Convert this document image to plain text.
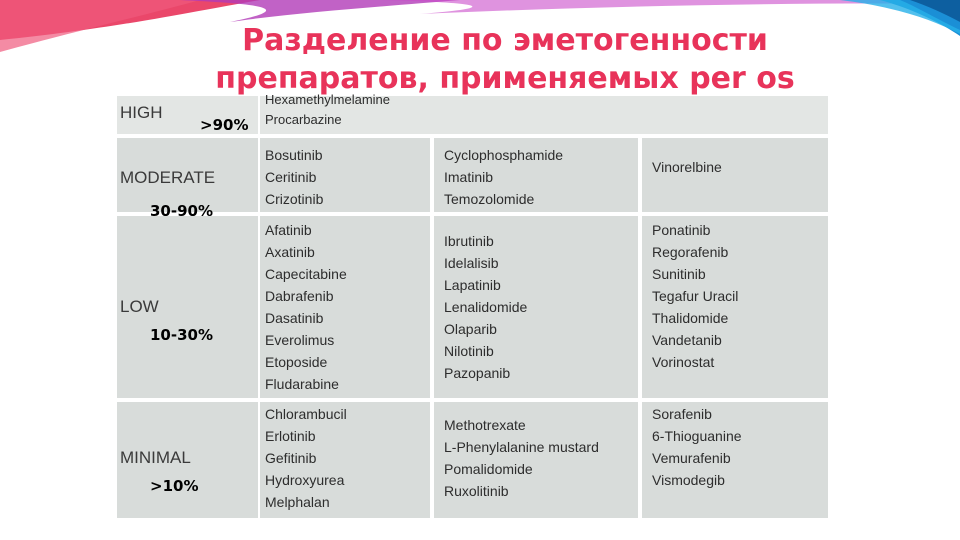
Разделение по эметогенности
препаратов, применяемых per os
HIGH
Hexamethylmelamine
Procarbazine
MODERATE
Bosutinib
Ceritinib
Crizotinib
Cyclophosphamide
Imatinib
Temozolomide
Vinorelbine
LOW
Afatinib
Axatinib
Capecitabine
Dabrafenib
Dasatinib
Everolimus
Etoposide
Fludarabine
Ibrutinib
Idelalisib
Lapatinib
Lenalidomide
Olaparib
Nilotinib
Pazopanib
Ponatinib
Regorafenib
Sunitinib
Tegafur Uracil
Thalidomide
Vandetanib
Vorinostat
MINIMAL
Chlorambucil
Erlotinib
Gefitinib
Hydroxyurea
Melphalan
Methotrexate
L-Phenylalanine mustard
Pomalidomide
Ruxolitinib
Sorafenib
6-Thioguanine
Vemurafenib
Vismodegib
>90%
30-90%
10-30%
>10%
